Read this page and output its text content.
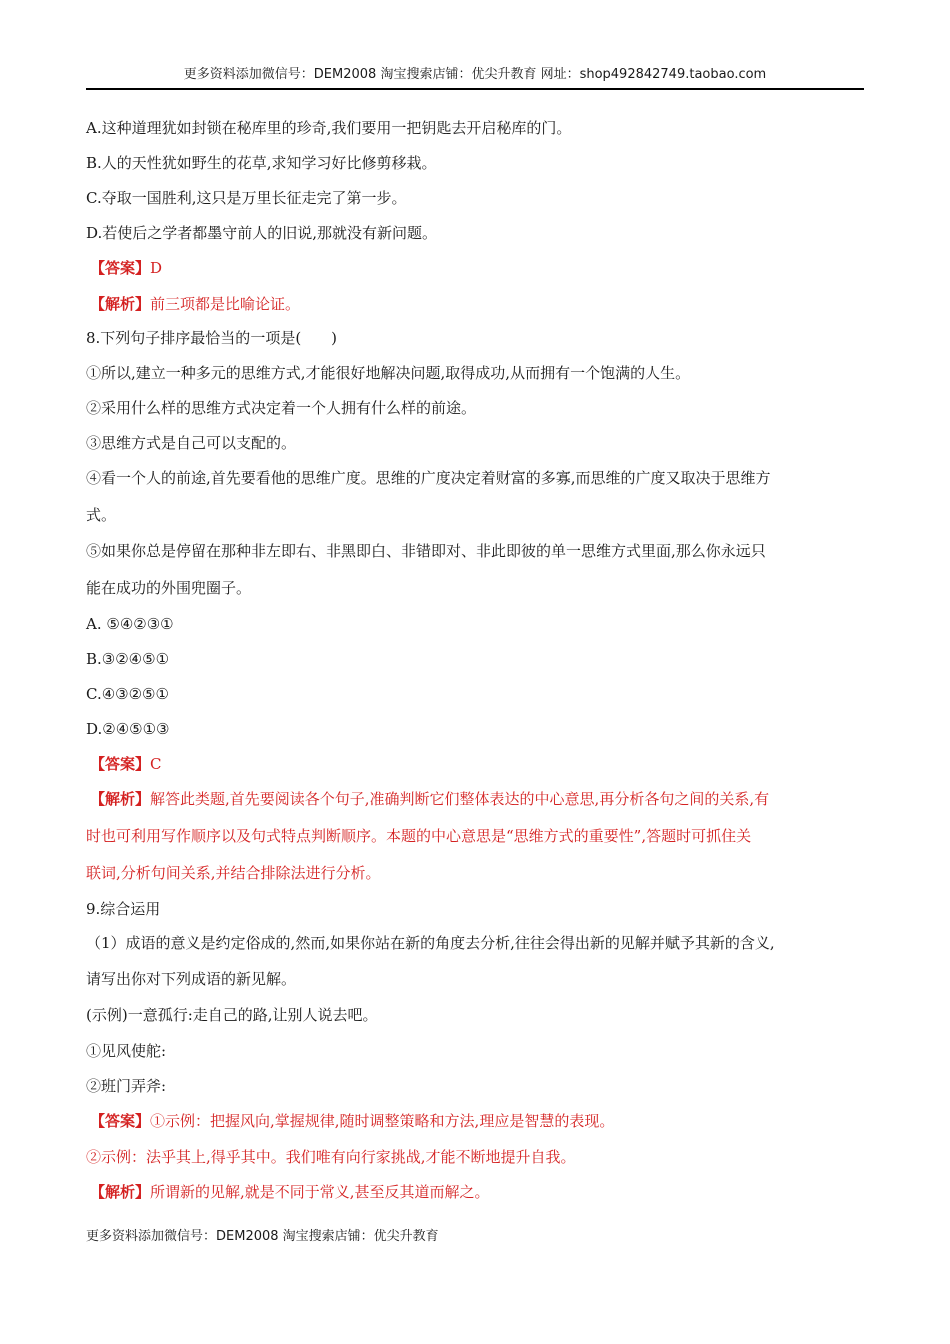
更多资料添加微信号：DEM2008 淘宝搜索店铺：优尖升教育 网址：shop492842749.taobao.com

A.这种道理犹如封锁在秘库里的珍奇,我们要用一把钥匙去开启秘库的门。

B.人的天性犹如野生的花草,求知学习好比修剪移栽。

C.夺取一国胜利,这只是万里长征走完了第一步。

D.若使后之学者都墨守前人的旧说,那就没有新问题。

【答案】D

【解析】前三项都是比喻论证。

8.下列句子排序最恰当的一项是(　　)

①所以,建立一种多元的思维方式,才能很好地解决问题,取得成功,从而拥有一个饱满的人生。

②采用什么样的思维方式决定着一个人拥有什么样的前途。

③思维方式是自己可以支配的。

④看一个人的前途,首先要看他的思维广度。思维的广度决定着财富的多寡,而思维的广度又取决于思维方

式。

⑤如果你总是停留在那种非左即右、非黑即白、非错即对、非此即彼的单一思维方式里面,那么你永远只

能在成功的外围兜圈子。

A. ⑤④②③①

B.③②④⑤①

C.④③②⑤①

D.②④⑤①③

【答案】C

【解析】解答此类题,首先要阅读各个句子,准确判断它们整体表达的中心意思,再分析各句之间的关系,有

时也可利用写作顺序以及句式特点判断顺序。本题的中心意思是“思维方式的重要性”,答题时可抓住关

联词,分析句间关系,并结合排除法进行分析。

9.综合运用

（1）成语的意义是约定俗成的,然而,如果你站在新的角度去分析,往往会得出新的见解并赋予其新的含义,

请写出你对下列成语的新见解。

(示例)一意孤行:走自己的路,让别人说去吧。

①见风使舵:

②班门弄斧:

【答案】①示例：把握风向,掌握规律,随时调整策略和方法,理应是智慧的表现。

②示例：法乎其上,得乎其中。我们唯有向行家挑战,才能不断地提升自我。

【解析】所谓新的见解,就是不同于常义,甚至反其道而解之。

更多资料添加微信号：DEM2008 淘宝搜索店铺：优尖升教育
